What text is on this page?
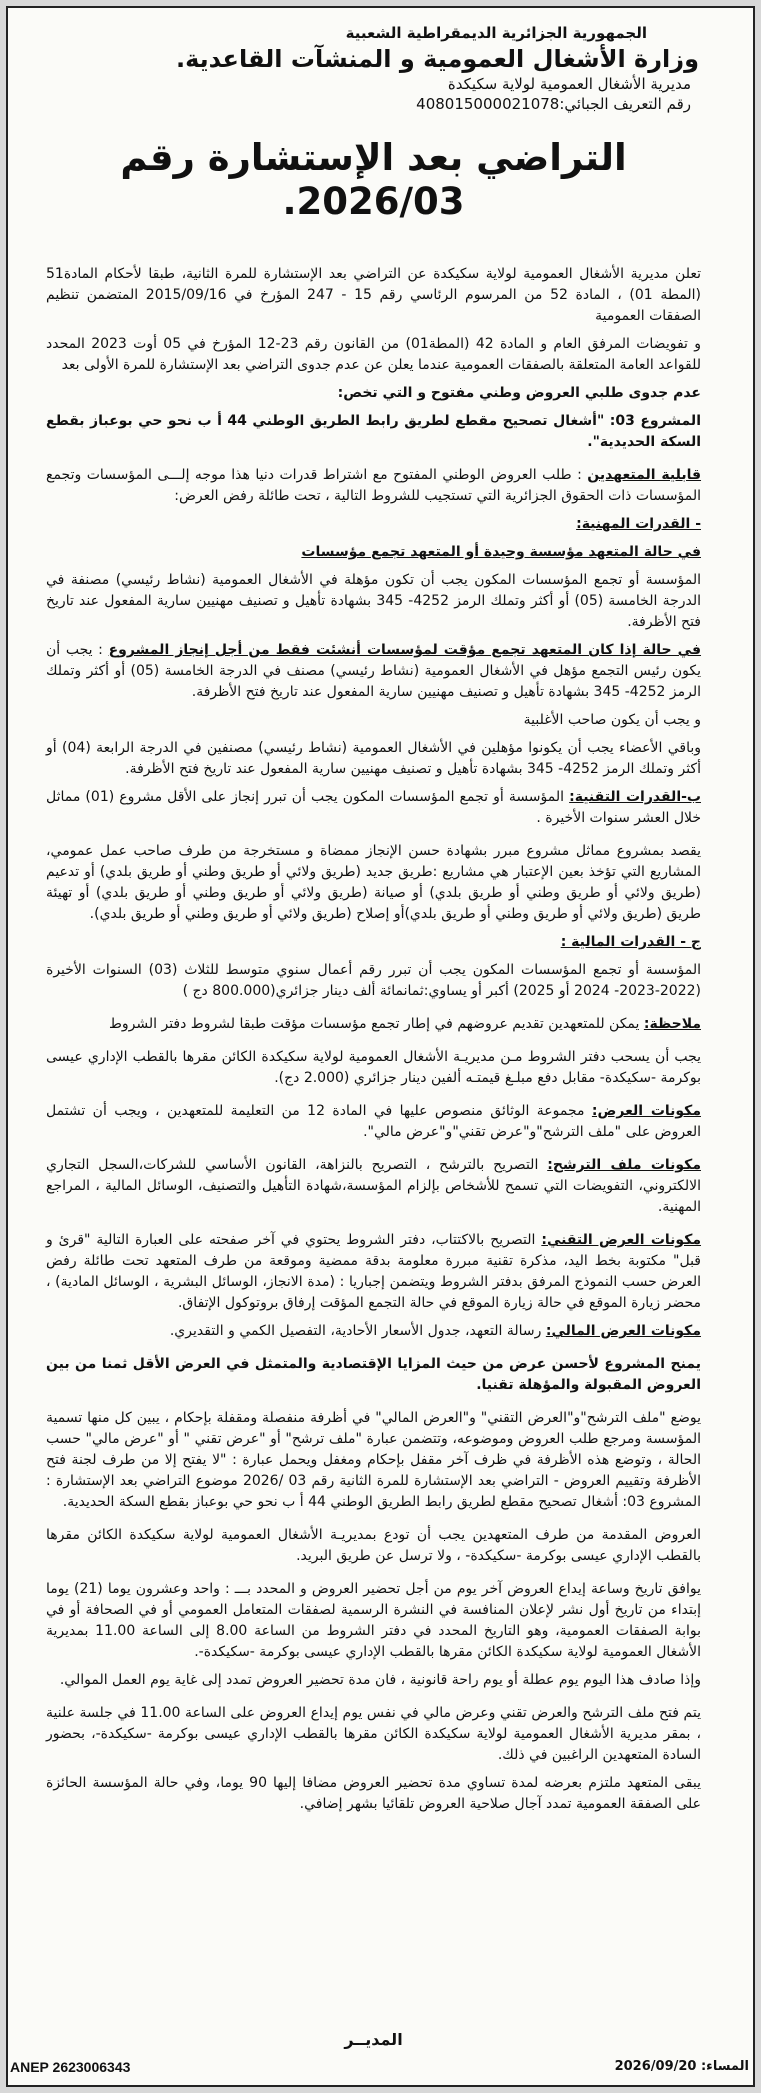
الجمهورية الجزائرية الديمقراطية الشعبية
وزارة الأشغال العمومية و المنشآت القاعدية.
مديرية الأشغال العمومية لولاية سكيكدة
رقم التعريف الجبائي:408015000021078
التراضي بعد الإستشارة رقم 2026/03.

تعلن مديرية الأشغال العمومية لولاية سكيكدة عن التراضي بعد الإستشارة للمرة الثانية، طبقا لأحكام المادة51 (المطة 01) ، المادة 52 من المرسوم الرئاسي رقم 15 - 247 المؤرخ في 2015/09/16 المتضمن تنظيم الصفقات العمومية

و تفويضات المرفق العام و المادة 42 (المطة01) من القانون رقم 23-12 المؤرخ في 05 أوت 2023 المحدد للقواعد العامة المتعلقة بالصفقات العمومية عندما يعلن عن عدم جدوى التراضي بعد الإستشارة للمرة الأولى بعد

عدم جدوى طلبي العروض وطني مفتوح و التي تخص:

المشروع 03: "أشغال تصحيح مقطع لطريق رابط الطريق الوطني 44 أ ب نحو حي بوعباز بقطع السكة الحديدية".

قابلية المتعهدين : طلب العروض الوطني المفتوح مع اشتراط قدرات دنيا هذا موجه إلـــى المؤسسات وتجمع المؤسسات ذات الحقوق الجزائرية التي تستجيب للشروط التالية ، تحت طائلة رفض العرض:

- القدرات المهنية:

في حالة المتعهد مؤسسة وحيدة أو المتعهد تجمع مؤسسات

المؤسسة أو تجمع المؤسسات المكون يجب أن تكون مؤهلة في الأشغال العمومية (نشاط رئيسي) مصنفة في الدرجة الخامسة (05) أو أكثر وتملك الرمز 4252- 345 بشهادة تأهيل و تصنيف مهنيين سارية المفعول عند تاريخ فتح الأظرفة.

في حالة إذا كان المتعهد تجمع مؤقت لمؤسسات أنشئت فقط من أجل إنجاز المشروع : يجب أن يكون رئيس التجمع مؤهل في الأشغال العمومية (نشاط رئيسي) مصنف في الدرجة الخامسة (05) أو أكثر وتملك الرمز 4252- 345 بشهادة تأهيل و تصنيف مهنيين سارية المفعول عند تاريخ فتح الأظرفة.

و يجب أن يكون صاحب الأغلبية

وباقي الأعضاء يجب أن يكونوا مؤهلين في الأشغال العمومية (نشاط رئيسي) مصنفين في الدرجة الرابعة (04) أو أكثر وتملك الرمز 4252- 345 بشهادة تأهيل و تصنيف مهنيين سارية المفعول عند تاريخ فتح الأظرفة.

ب-القدرات التقنية: المؤسسة أو تجمع المؤسسات المكون يجب أن تبرر إنجاز على الأقل مشروع (01) مماثل خلال العشر سنوات الأخيرة .

يقصد بمشروع مماثل مشروع مبرر بشهادة حسن الإنجاز ممضاة و مستخرجة من طرف صاحب عمل عمومي، المشاريع التي تؤخذ بعين الإعتبار هي مشاريع :طريق جديد (طريق ولائي أو طريق وطني أو طريق بلدي) أو تدعيم (طريق ولائي أو طريق وطني أو طريق بلدي) أو صيانة (طريق ولائي أو طريق وطني أو طريق بلدي) أو تهيئة طريق (طريق ولائي أو طريق وطني أو طريق بلدي)أو إصلاح (طريق ولائي أو طريق وطني أو طريق بلدي).

ج - القدرات المالية :

المؤسسة أو تجمع المؤسسات المكون يجب أن تبرر رقم أعمال سنوي متوسط للثلاث (03) السنوات الأخيرة (2022-2023- 2024 أو 2025) أكبر أو يساوي:ثمانمائة ألف دينار جزائري(800.000 دج )

ملاحظة: يمكن للمتعهدين تقديم عروضهم في إطار تجمع مؤسسات مؤقت طبقا لشروط دفتر الشروط

يجب أن يسحب دفتر الشروط مـن مديريـة الأشغال العمومية لولاية سكيكدة الكائن مقرها بالقطب الإداري عيسى بوكرمة -سكيكدة- مقابل دفع مبلـغ قيمتـه ألفين دينار جزائري (2.000 دج).

مكونات العرض: مجموعة الوثائق منصوص عليها في المادة 12 من التعليمة للمتعهدين ، ويجب أن تشتمل العروض على "ملف الترشح"و"عرض تقني"و"عرض مالي".

مكونات ملف الترشح: التصريح بالترشح ، التصريح بالنزاهة، القانون الأساسي للشركات،السجل التجاري الالكتروني، التفويضات التي تسمح للأشخاص بإلزام المؤسسة،شهادة التأهيل والتصنيف، الوسائل المالية ، المراجع المهنية.

مكونات العرض التقني: التصريح بالاكتتاب، دفتر الشروط يحتوي في آخر صفحته على العبارة التالية "قرئ و قبل" مكتوبة بخط اليد، مذكرة تقنية مبررة معلومة بدقة ممضية وموقعة من طرف المتعهد تحت طائلة رفض العرض حسب النموذج المرفق بدفتر الشروط ويتضمن إجباريا : (مدة الانجاز، الوسائل البشرية ، الوسائل المادية) ، محضر زيارة الموقع في حالة زيارة الموقع في حالة التجمع المؤقت إرفاق بروتوكول الإتفاق.

مكونات العرض المالي: رسالة التعهد، جدول الأسعار الأحادية، التفصيل الكمي و التقديري.

يمنح المشروع لأحسن عرض من حيث المزايا الإقتصادية والمتمثل في العرض الأقل ثمنا من بين العروض المقبولة والمؤهلة تقنيا.

يوضع "ملف الترشح"و"العرض التقني" و"العرض المالي" في أظرفة منفصلة ومقفلة بإحكام ، يبين كل منها تسمية المؤسسة ومرجع طلب العروض وموضوعه، وتتضمن عبارة "ملف ترشح" أو "عرض تقني " أو "عرض مالي" حسب الحالة ، وتوضع هذه الأظرفة في ظرف آخر مقفل بإحكام ومغفل ويحمل عبارة : "لا يفتح إلا من طرف لجنة فتح الأظرفة وتقييم العروض - التراضي بعد الإستشارة للمرة الثانية رقم 03 /2026 موضوع التراضي بعد الإستشارة : المشروع 03: أشغال تصحيح مقطع لطريق رابط الطريق الوطني 44 أ ب نحو حي بوعباز بقطع السكة الحديدية.

العروض المقدمة من طرف المتعهدين يجب أن تودع بمديريـة الأشغال العمومية لولاية سكيكدة الكائن مقرها بالقطب الإداري عيسى بوكرمة -سكيكدة- ، ولا ترسل عن طريق البريد.

يوافق تاريخ وساعة إيداع العروض آخر يوم من أجل تحضير العروض و المحدد بـــ : واحد وعشرون يوما (21) يوما إبتداء من تاريخ أول نشر لإعلان المنافسة في النشرة الرسمية لصفقات المتعامل العمومي أو في الصحافة أو في بوابة الصفقات العمومية، وهو التاريخ المحدد في دفتر الشروط من الساعة 8.00 إلى الساعة 11.00 بمديرية الأشغال العمومية لولاية سكيكدة الكائن مقرها بالقطب الإداري عيسى بوكرمة -سكيكدة-.

وإذا صادف هذا اليوم يوم عطلة أو يوم راحة قانونية ، فان مدة تحضير العروض تمدد إلى غاية يوم العمل الموالي.

يتم فتح ملف الترشح والعرض تقني وعرض مالي في نفس يوم إيداع العروض على الساعة 11.00 في جلسة علنية ، بمقر مديرية الأشغال العمومية لولاية سكيكدة الكائن مقرها بالقطب الإداري عيسى بوكرمة -سكيكدة-، بحضور السادة المتعهدين الراغبين في ذلك.

يبقى المتعهد ملتزم بعرضه لمدة تساوي مدة تحضير العروض مضافا إليها 90 يوما، وفي حالة المؤسسة الحائزة على الصفقة العمومية تمدد آجال صلاحية العروض تلقائيا بشهر إضافي.

المديــر
ANEP 2623006343	المساء: 2026/09/20
